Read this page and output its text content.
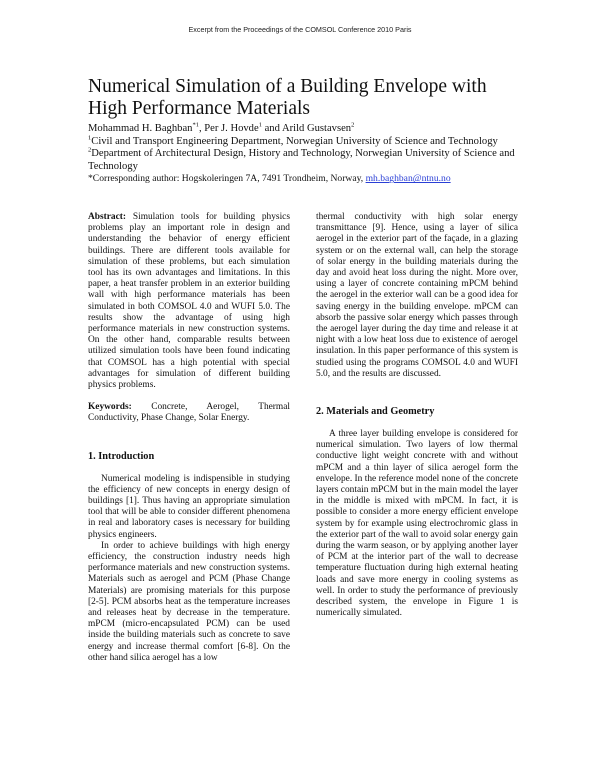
Excerpt from the Proceedings of the COMSOL Conference 2010 Paris
Numerical Simulation of a Building Envelope with High Performance Materials
Mohammad H. Baghban$^{*1}$, Per J. Hovde$^1$ and Arild Gustavsen$^2$
$^1$Civil and Transport Engineering Department, Norwegian University of Science and Technology
$^2$Department of Architectural Design, History and Technology, Norwegian University of Science and Technology
*Corresponding author: Hogskoleringen 7A, 7491 Trondheim, Norway, mh.baghban@ntnu.no

Abstract: Simulation tools for building physics problems play an important role in design and understanding the behavior of energy efficient buildings. There are different tools available for simulation of these problems, but each simulation tool has its own advantages and limitations. In this paper, a heat transfer problem in an exterior building wall with high performance materials has been simulated in both COMSOL 4.0 and WUFI 5.0. The results show the advantage of using high performance materials in new construction systems. On the other hand, comparable results between utilized simulation tools have been found indicating that COMSOL has a high potential with special advantages for simulation of different building physics problems.

Keywords: Concrete, Aerogel, Thermal Conductivity, Phase Change, Solar Energy.

1. Introduction

Numerical modeling is indispensible in studying the efficiency of new concepts in energy design of buildings [1]. Thus having an appropriate simulation tool that will be able to consider different phenomena in real and laboratory cases is necessary for building physics engineers.

In order to achieve buildings with high energy efficiency, the construction industry needs high performance materials and new construction systems. Materials such as aerogel and PCM (Phase Change Materials) are promising materials for this purpose [2-5]. PCM absorbs heat as the temperature increases and releases heat by decrease in the temperature. mPCM (micro-encapsulated PCM) can be used inside the building materials such as concrete to save energy and increase thermal comfort [6-8]. On the other hand silica aerogel has a low

thermal conductivity with high solar energy transmittance [9]. Hence, using a layer of silica aerogel in the exterior part of the façade, in a glazing system or on the external wall, can help the storage of solar energy in the building materials during the day and avoid heat loss during the night. More over, using a layer of concrete containing mPCM behind the aerogel in the exterior wall can be a good idea for saving energy in the building envelope. mPCM can absorb the passive solar energy which passes through the aerogel layer during the day time and release it at night with a low heat loss due to existence of aerogel insulation. In this paper performance of this system is studied using the programs COMSOL 4.0 and WUFI 5.0, and the results are discussed.

2. Materials and Geometry

A three layer building envelope is considered for numerical simulation. Two layers of low thermal conductive light weight concrete with and without mPCM and a thin layer of silica aerogel form the envelope. In the reference model none of the concrete layers contain mPCM but in the main model the layer in the middle is mixed with mPCM. In fact, it is possible to consider a more energy efficient envelope system by for example using electrochromic glass in the exterior part of the wall to avoid solar energy gain during the warm season, or by applying another layer of PCM at the interior part of the wall to decrease temperature fluctuation during high external heating loads and save more energy in cooling systems as well. In order to study the performance of previously described system, the envelope in Figure 1 is numerically simulated.
